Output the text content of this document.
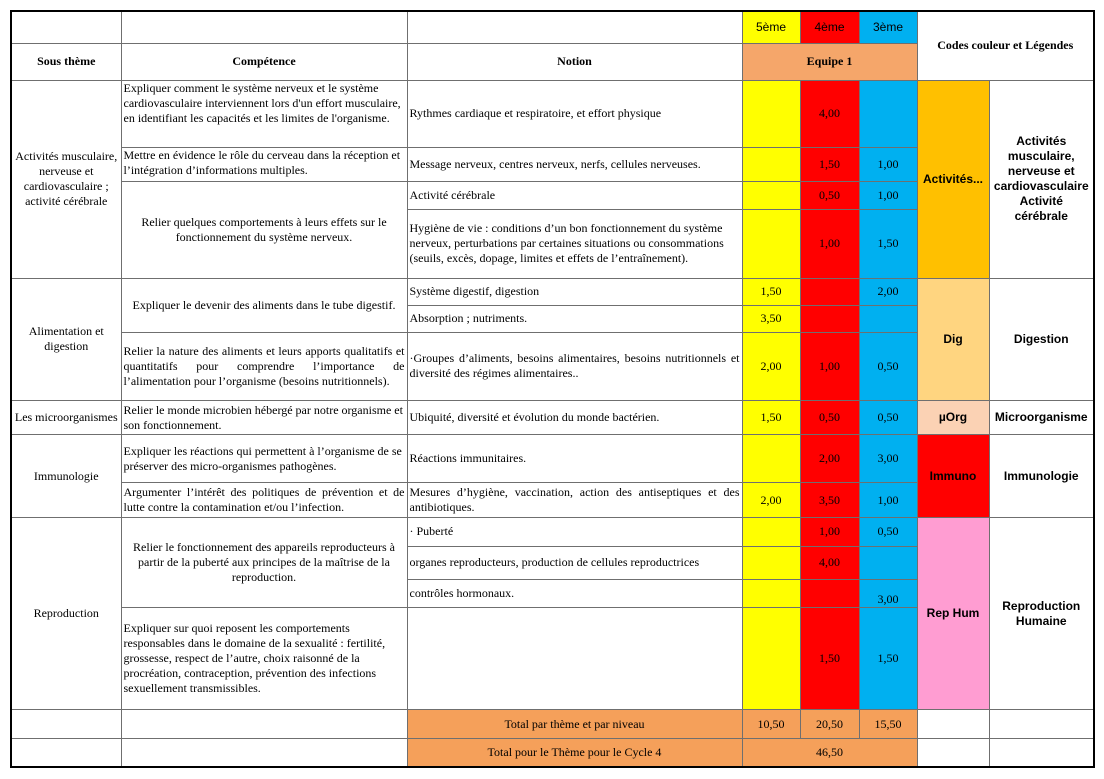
			5ème	4ème	3ème	Codes couleur et Légendes	
Sous thème	Compétence	Notion	Equipe 1				
Activités musculaire, nerveuse et cardiovasculaire ; activité cérébrale	Expliquer comment le système nerveux et le système cardiovasculaire interviennent lors d'un effort musculaire, en identifiant les capacités et les limites de l'organisme.	Rythmes cardiaque et respiratoire, et effort physique		4,00		Activités...	Activités musculaire, nerveuse et cardiovasculaire Activité cérébrale
	Mettre en évidence le rôle du cerveau dans la réception et l’intégration d’informations multiples.	Message nerveux, centres nerveux, nerfs, cellules nerveuses.		1,50	1,00		
	Relier quelques comportements à leurs effets sur le fonctionnement du système nerveux.	Activité cérébrale		0,50	1,00		
		Hygiène de vie : conditions d’un bon fonctionnement du système nerveux, perturbations par certaines situations ou consommations (seuils, excès, dopage, limites et effets de l’entraînement).		1,00	1,50		
Alimentation et digestion	Expliquer le devenir des aliments dans le tube digestif.	Système digestif, digestion	1,50		2,00	Dig	Digestion
		Absorption ; nutriments.	3,50				
	Relier la nature des aliments et leurs apports qualitatifs et quantitatifs pour comprendre l’importance de l’alimentation pour l’organisme (besoins nutritionnels).	·Groupes d’aliments, besoins alimentaires, besoins nutritionnels et diversité des régimes alimentaires..	2,00	1,00	0,50		
Les microorganismes	Relier le monde microbien hébergé par notre organisme et son fonctionnement.	Ubiquité, diversité et évolution du monde bactérien.	1,50	0,50	0,50	µOrg	Microorganisme
Immunologie	Expliquer les réactions qui permettent à l’organisme de se préserver des micro-organismes pathogènes.	Réactions immunitaires.		2,00	3,00	Immuno	Immunologie
	Argumenter l’intérêt des politiques de prévention et de lutte contre la contamination et/ou l’infection.	Mesures d’hygiène, vaccination, action des antiseptiques et des antibiotiques.	2,00	3,50	1,00		
Reproduction	Relier le fonctionnement des appareils reproducteurs à partir de la puberté aux principes de la maîtrise de la reproduction.	· Puberté		1,00	0,50	Rep Hum	Reproduction Humaine
		organes reproducteurs, production de cellules reproductrices		4,00			
		contrôles hormonaux.			3,00		
	Expliquer sur quoi reposent les comportements responsables dans le domaine de la sexualité : fertilité, grossesse, respect de l’autre, choix raisonné de la procréation, contraception, prévention des infections sexuellement transmissibles.			1,50	1,50		
		Total par thème et par niveau	10,50	20,50	15,50		
		Total pour le Thème pour le Cycle 4	46,50				
